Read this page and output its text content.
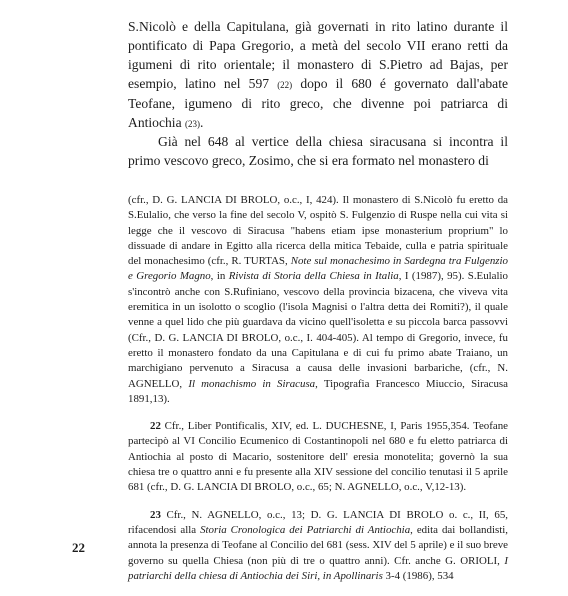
S.Nicolò e della Capitulana, già governati in rito latino durante il pontificato di Papa Gregorio, a metà del secolo VII erano retti da igumeni di rito orientale; il monastero di S.Pietro ad Bajas, per esempio, latino nel 597 (22) dopo il 680 é governato dall'abate Teofane, igumeno di rito greco, che divenne poi patriarca di Antiochia (23).

Già nel 648 al vertice della chiesa siracusana si incontra il primo vescovo greco, Zosimo, che si era formato nel monastero di

(cfr., D. G. LANCIA DI BROLO, o.c., I, 424). Il monastero di S.Nicolò fu eretto da S.Eulalio, che verso la fine del secolo V, ospitò S. Fulgenzio di Ruspe nella cui vita si legge che il vescovo di Siracusa "habens etiam ipse monasterium proprium" lo dissuade di andare in Egitto alla ricerca della mitica Tebaide, culla e patria spirituale del monachesimo (cfr., R. TURTAS, Note sul monachesimo in Sardegna tra Fulgenzio e Gregorio Magno, in Rivista di Storia della Chiesa in Italia, I (1987), 95). S.Eulalio s'incontrò anche con S.Rufiniano, vescovo della provincia bizacena, che viveva vita eremitica in un isolotto o scoglio (l'isola Magnisi o l'altra detta dei Romiti?), il quale venne a quel lido che più guardava da vicino quell'isoletta e su piccola barca passovvi (Cfr., D. G. LANCIA DI BROLO, o.c., I. 404-405). Al tempo di Gregorio, invece, fu eretto il monastero fondato da una Capitulana e di cui fu primo abate Traiano, un marchigiano pervenuto a Siracusa a causa delle invasioni barbariche, (cfr., N. AGNELLO, Il monachismo in Siracusa, Tipografia Francesco Miuccio, Siracusa 1891,13).

22 Cfr., Liber Pontificalis, XIV, ed. L. DUCHESNE, I, Paris 1955,354. Teofane partecipò al VI Concilio Ecumenico di Costantinopoli nel 680 e fu eletto patriarca di Antiochia al posto di Macario, sostenitore dell' eresia monotelita; governò la sua chiesa tre o quattro anni e fu presente alla XIV sessione del concilio tenutasi il 5 aprile 681 (cfr., D. G. LANCIA DI BROLO, o.c., 65; N. AGNELLO, o.c., V,12-13).

23 Cfr., N. AGNELLO, o.c., 13; D. G. LANCIA DI BROLO o. c., II, 65, rifacendosi alla Storia Cronologica dei Patriarchi di Antiochia, edita dai bollandisti, annota la presenza di Teofane al Concilio del 681 (sess. XIV del 5 aprile) e il suo breve governo su quella Chiesa (non più di tre o quattro anni). Cfr. anche G. ORIOLI, I patriarchi della chiesa di Antiochia dei Siri, in Apollinaris 3-4 (1986), 534

22
